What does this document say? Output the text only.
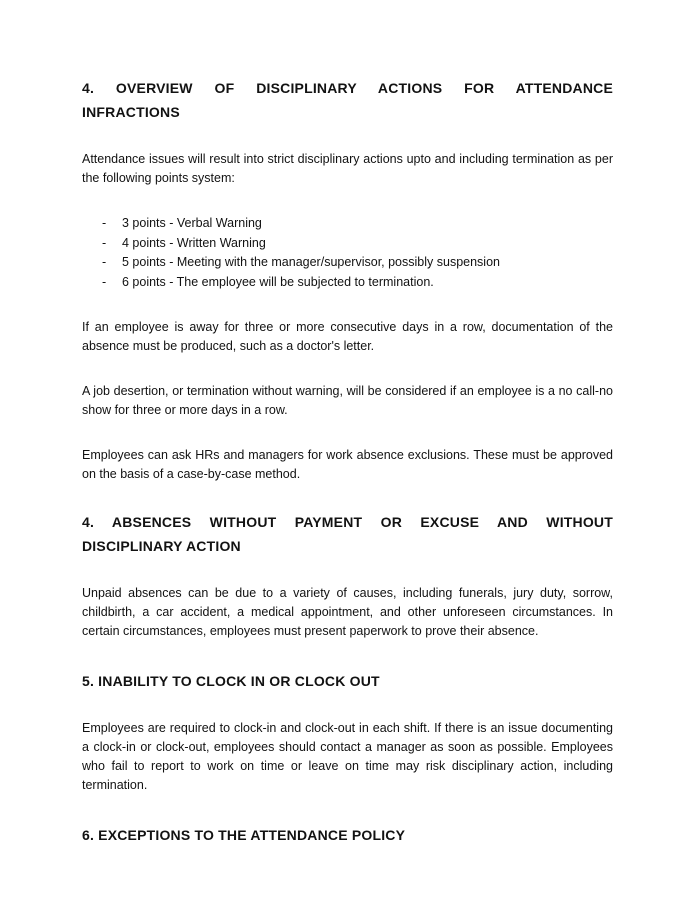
4. OVERVIEW OF DISCIPLINARY ACTIONS FOR ATTENDANCE
INFRACTIONS
Attendance issues will result into strict disciplinary actions upto and including termination as per the following points system:
-	3 points - Verbal Warning
-	4 points - Written Warning
-	5 points - Meeting with the manager/supervisor, possibly suspension
-	6 points - The employee will be subjected to termination.
If an employee is away for three or more consecutive days in a row, documentation of the absence must be produced, such as a doctor's letter.
A job desertion, or termination without warning, will be considered if an employee is a no call-no show for three or more days in a row.
Employees can ask HRs and managers for work absence exclusions. These must be approved on the basis of a case-by-case method.
4. ABSENCES WITHOUT PAYMENT OR EXCUSE AND WITHOUT
DISCIPLINARY ACTION
Unpaid absences can be due to a variety of causes, including funerals, jury duty, sorrow, childbirth, a car accident, a medical appointment, and other unforeseen circumstances. In certain circumstances, employees must present paperwork to prove their absence.
5. INABILITY TO CLOCK IN OR CLOCK OUT
Employees are required to clock-in and clock-out in each shift. If there is an issue documenting a clock-in or clock-out, employees should contact a manager as soon as possible. Employees who fail to report to work on time or leave on time may risk disciplinary action, including termination.
6. EXCEPTIONS TO THE ATTENDANCE POLICY
